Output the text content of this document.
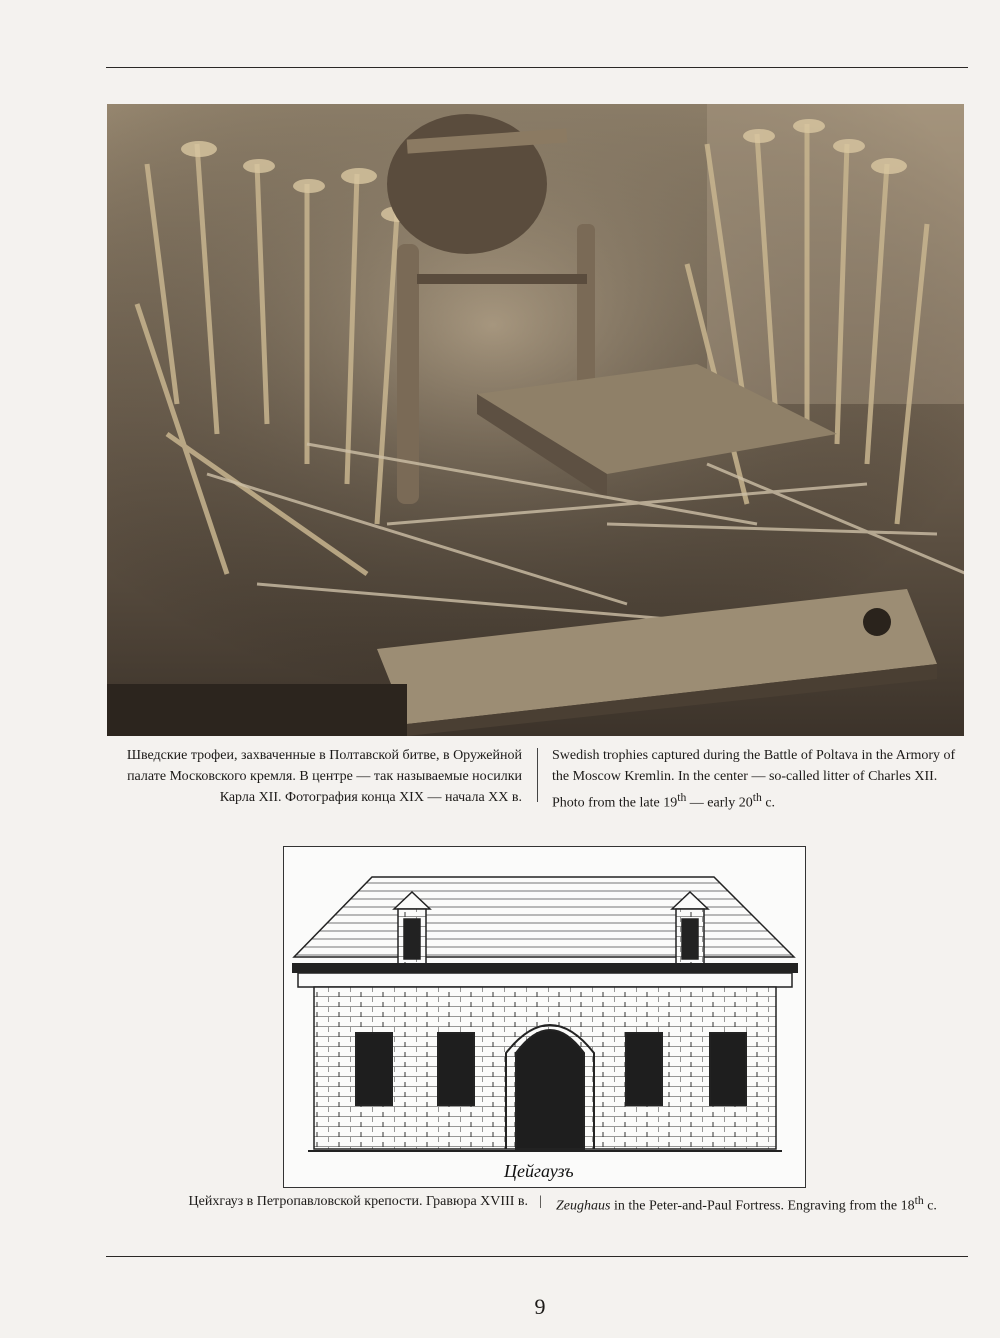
Шведские трофеи, захваченные в Полтавской битве, в Оружейной палате Московского кремля. В центре — так называемые носилки Карла XII. Фотография конца XIX — начала XX в.
Swedish trophies captured during the Battle of Poltava in the Armory of the Moscow Kremlin. In the center — so-called litter of Charles XII. Photo from the late 19th — early 20th c.
Цейгаузъ
Цейхгауз в Петропавловской крепости. Гравюра XVIII в. | Zeughaus in the Peter-and-Paul Fortress. Engraving from the 18th c.
9
